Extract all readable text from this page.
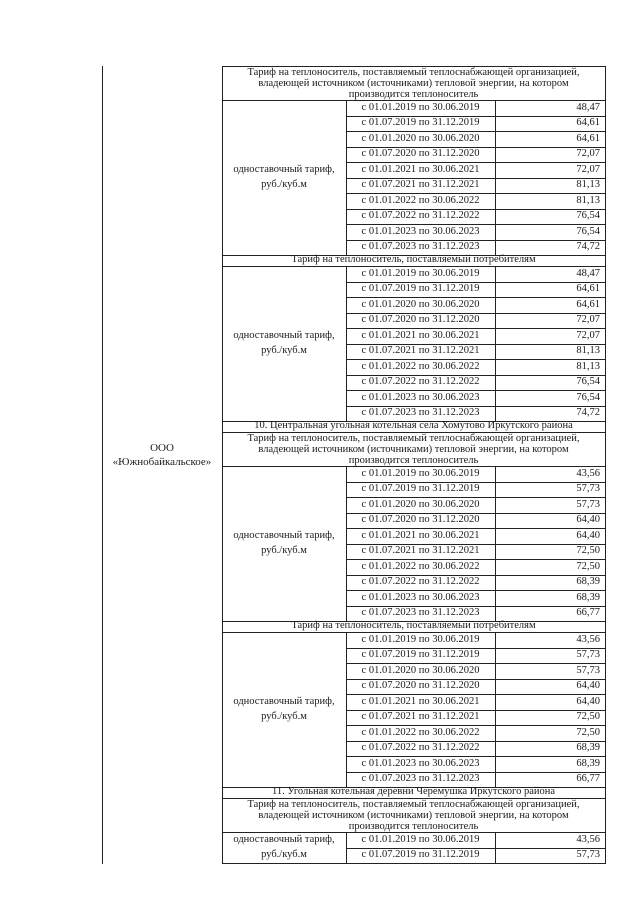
ООО
«Южнобайкальское»
Тариф на теплоноситель, поставляемый теплоснабжающей организацией,
владеющей источником (источниками) тепловой энергии, на котором
производится теплоноситель
с 01.01.2019 по 30.06.2019	48,47
с 01.07.2019 по 31.12.2019	64,61
с 01.01.2020 по 30.06.2020	64,61
с 01.07.2020 по 31.12.2020	72,07
с 01.01.2021 по 30.06.2021	72,07
с 01.07.2021 по 31.12.2021	81,13
с 01.01.2022 по 30.06.2022	81,13
с 01.07.2022 по 31.12.2022	76,54
с 01.01.2023 по 30.06.2023	76,54
с 01.07.2023 по 31.12.2023	74,72
одноставочный тариф,
руб./куб.м
Тариф на теплоноситель, поставляемый потребителям
с 01.01.2019 по 30.06.2019	48,47
с 01.07.2019 по 31.12.2019	64,61
с 01.01.2020 по 30.06.2020	64,61
с 01.07.2020 по 31.12.2020	72,07
с 01.01.2021 по 30.06.2021	72,07
с 01.07.2021 по 31.12.2021	81,13
с 01.01.2022 по 30.06.2022	81,13
с 01.07.2022 по 31.12.2022	76,54
с 01.01.2023 по 30.06.2023	76,54
с 01.07.2023 по 31.12.2023	74,72
одноставочный тариф,
руб./куб.м
10. Центральная угольная котельная села Хомутово Иркутского района
Тариф на теплоноситель, поставляемый теплоснабжающей организацией,
владеющей источником (источниками) тепловой энергии, на котором
производится теплоноситель
с 01.01.2019 по 30.06.2019	43,56
с 01.07.2019 по 31.12.2019	57,73
с 01.01.2020 по 30.06.2020	57,73
с 01.07.2020 по 31.12.2020	64,40
с 01.01.2021 по 30.06.2021	64,40
с 01.07.2021 по 31.12.2021	72,50
с 01.01.2022 по 30.06.2022	72,50
с 01.07.2022 по 31.12.2022	68,39
с 01.01.2023 по 30.06.2023	68,39
с 01.07.2023 по 31.12.2023	66,77
одноставочный тариф,
руб./куб.м
Тариф на теплоноситель, поставляемый потребителям
с 01.01.2019 по 30.06.2019	43,56
с 01.07.2019 по 31.12.2019	57,73
с 01.01.2020 по 30.06.2020	57,73
с 01.07.2020 по 31.12.2020	64,40
с 01.01.2021 по 30.06.2021	64,40
с 01.07.2021 по 31.12.2021	72,50
с 01.01.2022 по 30.06.2022	72,50
с 01.07.2022 по 31.12.2022	68,39
с 01.01.2023 по 30.06.2023	68,39
с 01.07.2023 по 31.12.2023	66,77
одноставочный тариф,
руб./куб.м
11. Угольная котельная деревни Черемушка Иркутского района
Тариф на теплоноситель, поставляемый теплоснабжающей организацией,
владеющей источником (источниками) тепловой энергии, на котором
производится теплоноситель
с 01.01.2019 по 30.06.2019	43,56
с 01.07.2019 по 31.12.2019	57,73
одноставочный тариф,
руб./куб.м
